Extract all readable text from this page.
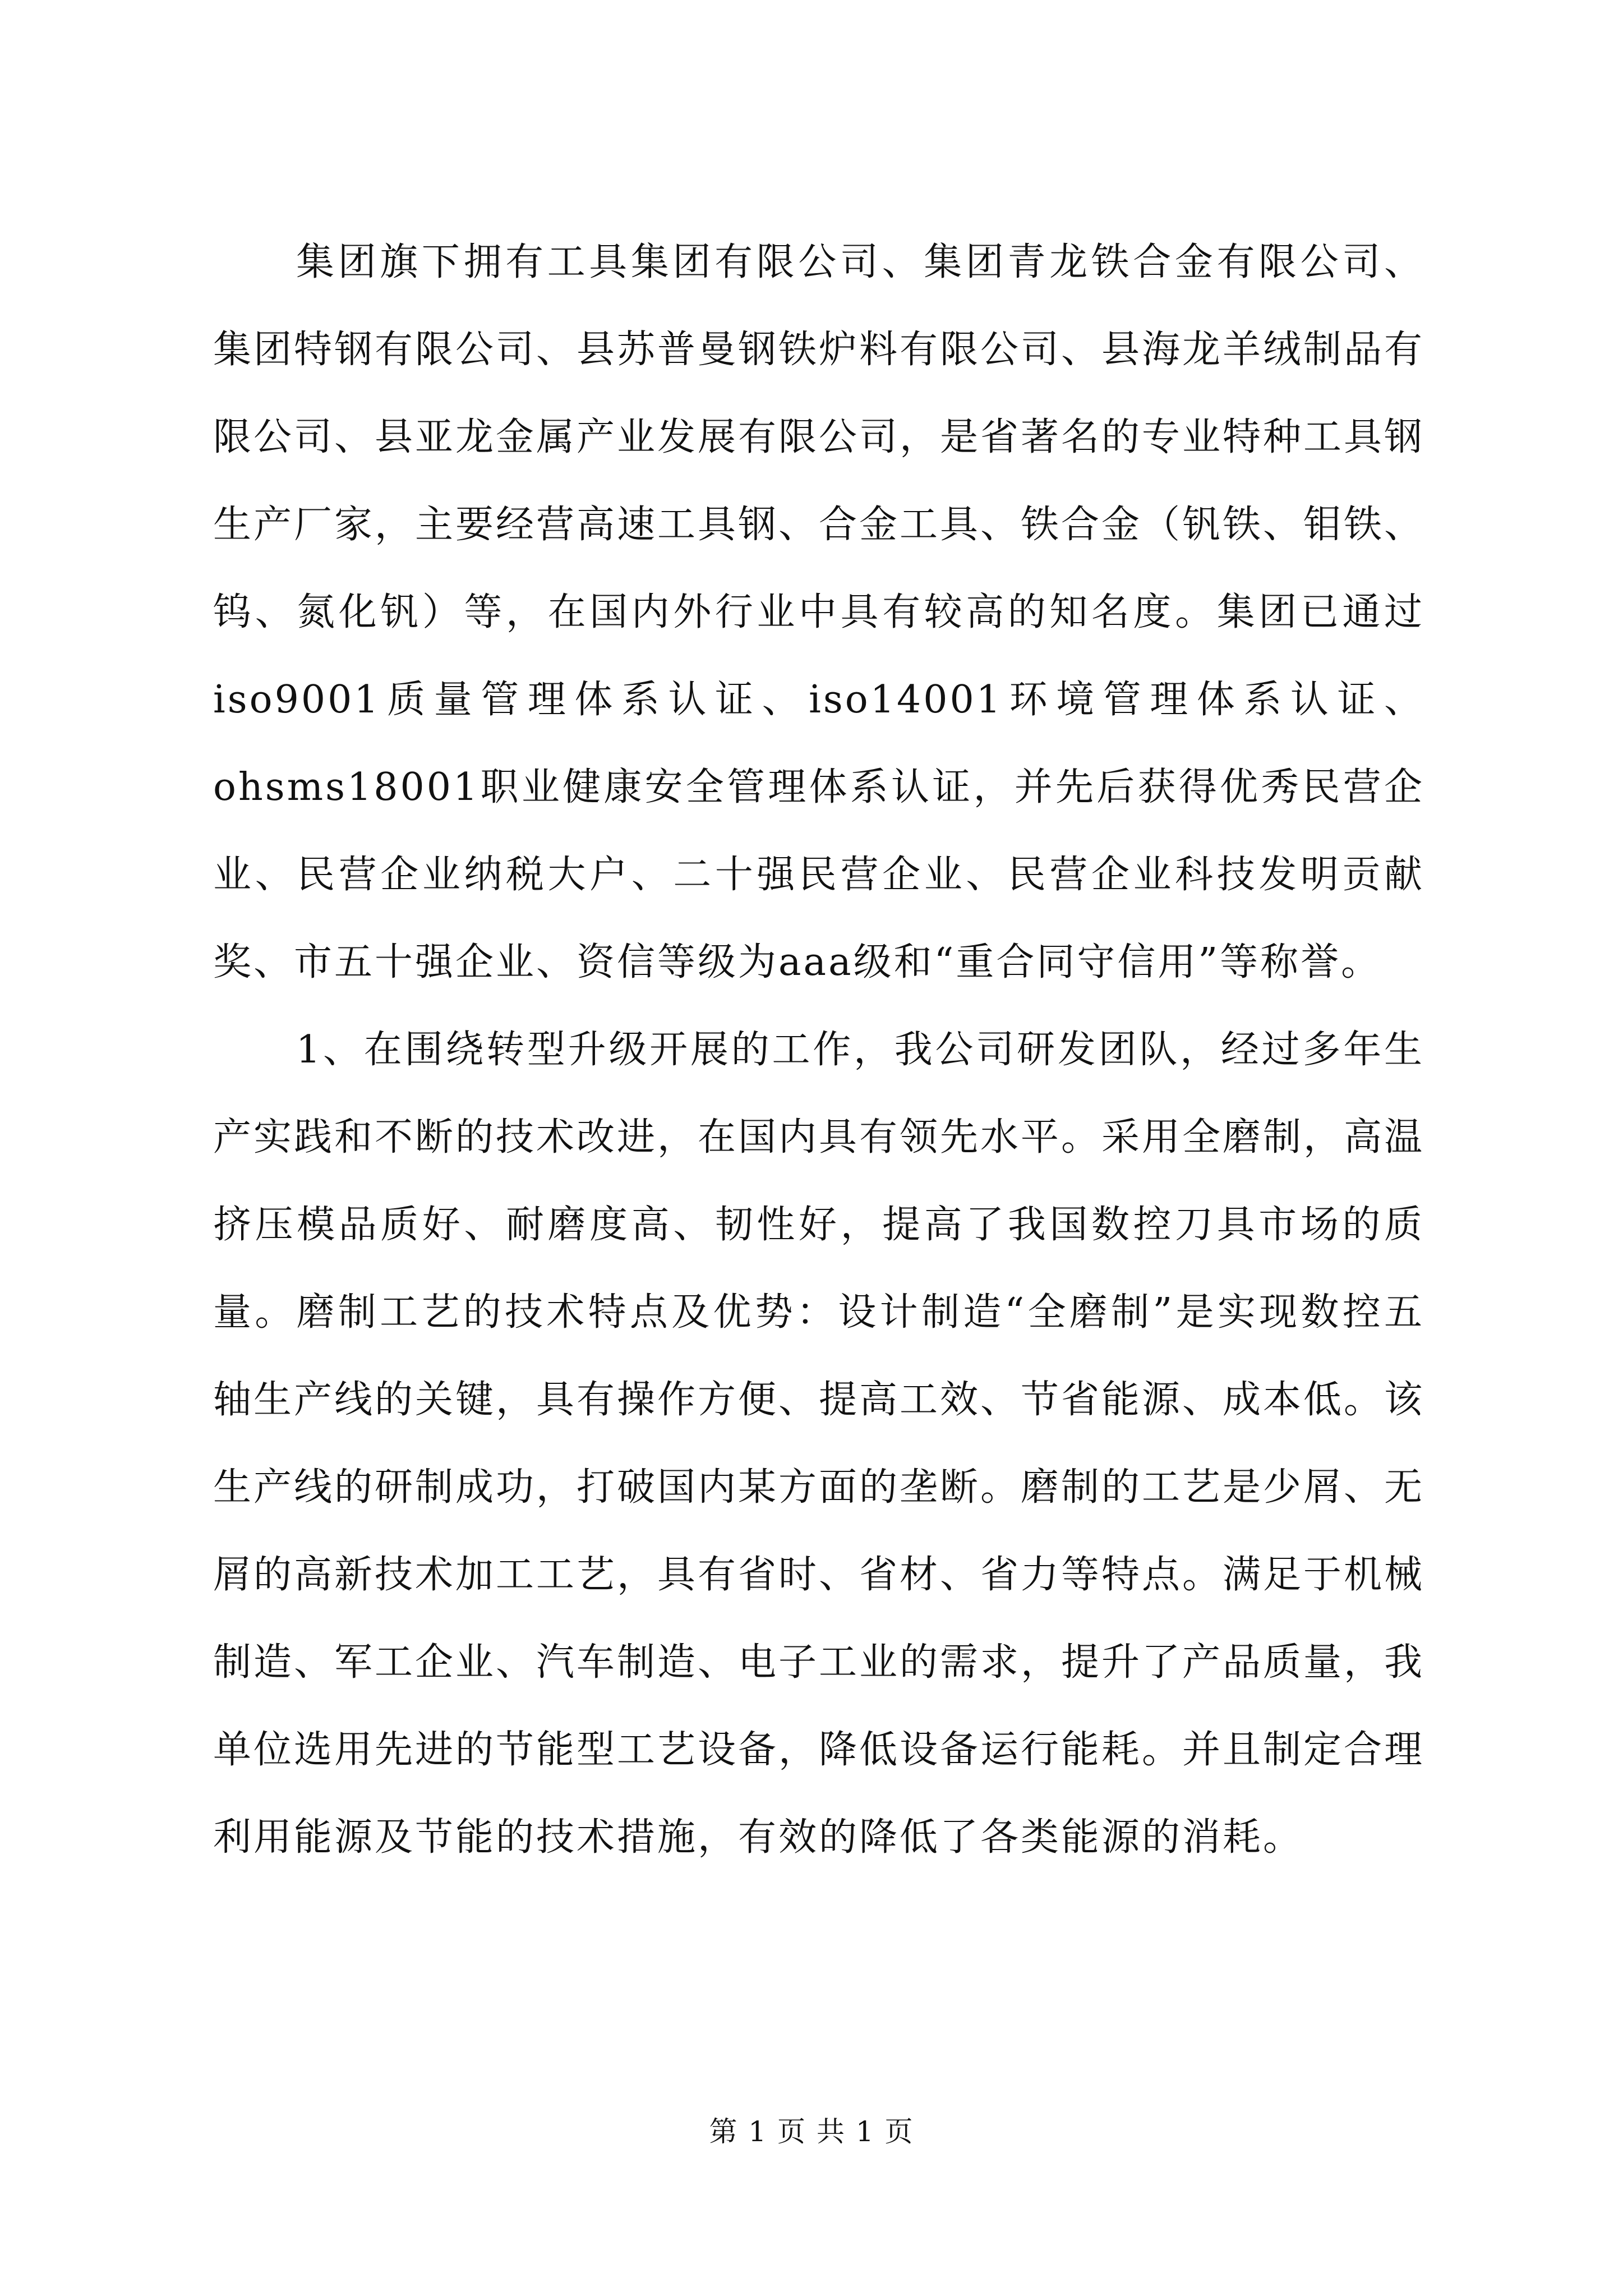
集团旗下拥有工具集团有限公司、集团青龙铁合金有限公司、集团特钢有限公司、县苏普曼钢铁炉料有限公司、县海龙羊绒制品有限公司、县亚龙金属产业发展有限公司，是省著名的专业特种工具钢生产厂家，主要经营高速工具钢、合金工具、铁合金（钒铁、钼铁、钨、氮化钒）等，在国内外行业中具有较高的知名度。集团已通过iso9001质量管理体系认证、iso14001环境管理体系认证、ohsms18001职业健康安全管理体系认证，并先后获得优秀民营企业、民营企业纳税大户、二十强民营企业、民营企业科技发明贡献奖、市五十强企业、资信等级为aaa级和“重合同守信用”等称誉。

1、在围绕转型升级开展的工作，我公司研发团队，经过多年生产实践和不断的技术改进，在国内具有领先水平。采用全磨制，高温挤压模品质好、耐磨度高、韧性好，提高了我国数控刀具市场的质量。磨制工艺的技术特点及优势：设计制造“全磨制”是实现数控五轴生产线的关键，具有操作方便、提高工效、节省能源、成本低。该生产线的研制成功，打破国内某方面的垄断。磨制的工艺是少屑、无屑的高新技术加工工艺，具有省时、省材、省力等特点。满足于机械制造、军工企业、汽车制造、电子工业的需求，提升了产品质量，我单位选用先进的节能型工艺设备，降低设备运行能耗。并且制定合理利用能源及节能的技术措施，有效的降低了各类能源的消耗。

第 1 页 共 1 页
